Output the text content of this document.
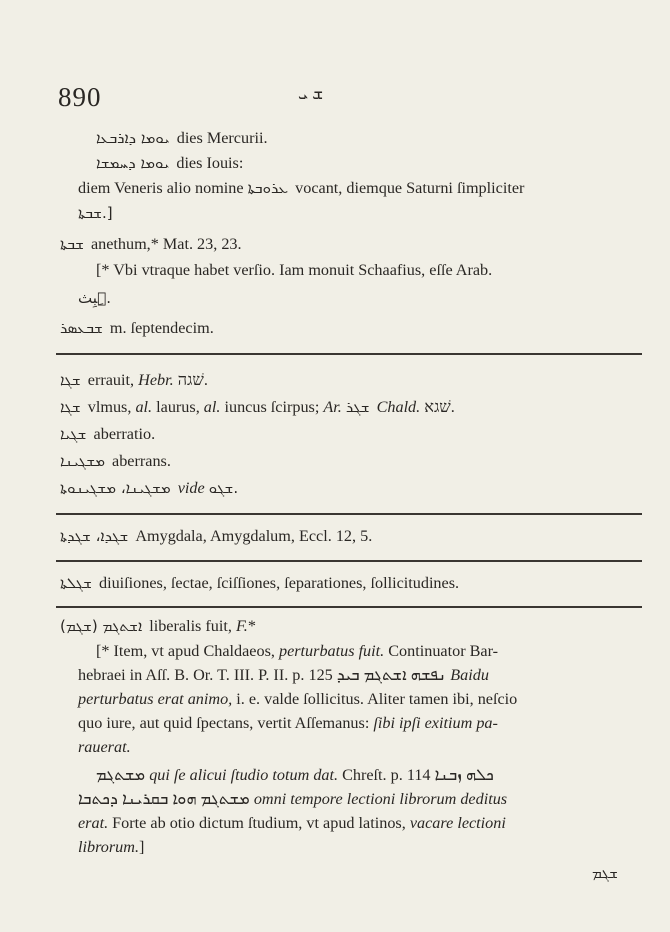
890	ܫ ܝ
ܝܘܡܐ ܕܐܪܒܥܐ dies Mercurii.
ܝܘܡܐ ܕܚܡܫܐ dies Iouis:
diem Veneris alio nomine ܥܪܘܒܬܐ vocant, diemque Saturni ſimpliciter
ܫܒܬܐ.]
ܫܒܬܐ anethum,* Mat. 23, 23.
[* Vbi vtraque habet verſio. Iam monuit Schaafius, eſſe Arab.
ܫِبِث.
ܫܒܥܣܪ m. ſeptendecim.
ܫܓܐ errauit, Hebr. שׁגה.
ܫܓܐ vlmus, al. laurus, al. iuncus ſcirpus; Ar. ܫܓܪ Chald. שׁגא.
ܫܓܝܐ aberratio.
ܡܫܓܝܢܐ aberrans.
ܡܫܓܝܢܐ، ܡܫܓܝܢܘܬܐ vide ܫܓܘ.
ܫܓܕܐ، ܫܓܕܬܐ Amygdala, Amygdalum, Eccl. 12, 5.
ܫܓܠܬܐ diuiſiones, ſectae, ſciſſiones, ſeparationes, ſollicitudines.
(ܫܓܡ) ܐܫܬܓܡ liberalis fuit, F.*
[* Item, vt apud Chaldaeos, perturbatus fuit. Continuator Bar-
hebraei in Aſſ. B. Or. T. III. P. II. p. 125 ܢܦܫܗ ܐܫܬܓܡ ܒܝܕ Baidu
perturbatus erat animo, i. e. valde ſollicitus. Aliter tamen ibi, neſcio
quo iure, aut quid ſpectans, vertit Aſſemanus: ſibi ipſi exitium pa-
rauerat.
ܡܫܬܓܡ qui ſe alicui ſtudio totum dat. Chreſt. p. 114 ܟܠܗ ܙܒܢܐ
ܡܫܬܓܡ ܗܘܐ ܒܩܪܝܢܐ ܕܟܬܒܐ omni tempore lectioni librorum deditus
erat. Forte ab otio dictum ſtudium, vt apud latinos, vacare lectioni
librorum.]
ܫܓܡ
